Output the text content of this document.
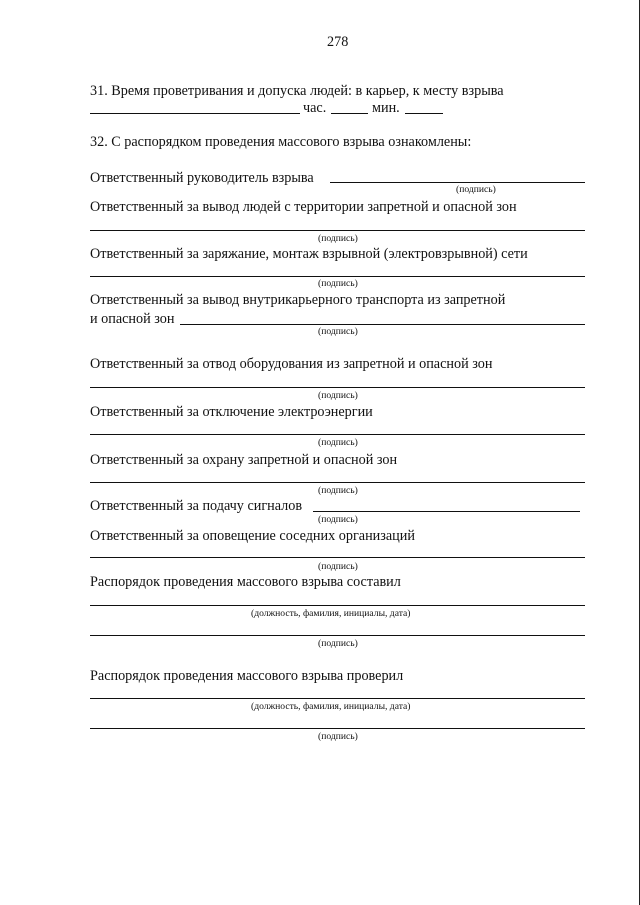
278
31. Время проветривания и допуска людей: в карьер, к месту взрыва
час.	мин.
32. С распорядком проведения массового взрыва ознакомлены:
Ответственный руководитель взрыва
(подпись)
Ответственный за вывод людей с территории запретной и опасной зон
(подпись)
Ответственный за заряжание, монтаж взрывной (электровзрывной) сети
(подпись)
Ответственный за вывод внутрикарьерного транспорта из запретной
и опасной зон
(подпись)
Ответственный за отвод оборудования из запретной и опасной зон
(подпись)
Ответственный за отключение электроэнергии
(подпись)
Ответственный за охрану запретной и опасной зон
(подпись)
Ответственный за подачу сигналов
(подпись)
Ответственный за оповещение соседних организаций
(подпись)
Распорядок проведения массового взрыва составил
(должность, фамилия, инициалы, дата)
(подпись)
Распорядок проведения массового взрыва проверил
(должность, фамилия, инициалы, дата)
(подпись)
